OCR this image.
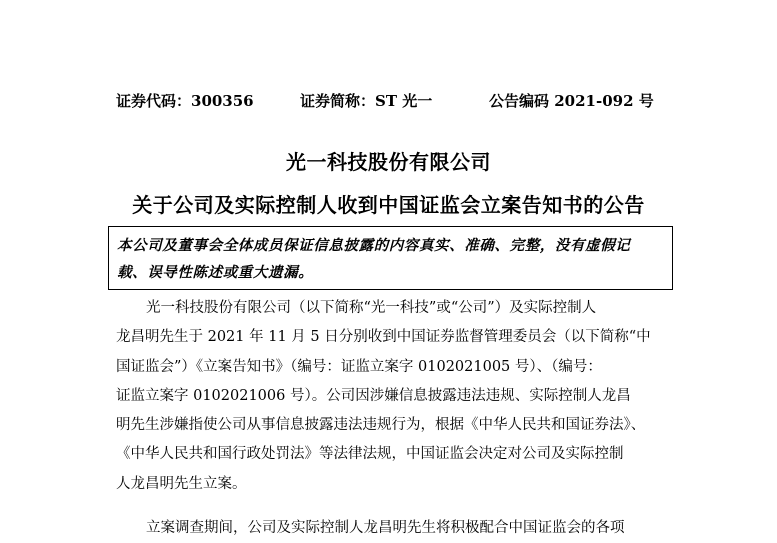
证券代码：300356	证券简称：ST 光一	公告编码 2021-092 号
光一科技股份有限公司
关于公司及实际控制人收到中国证监会立案告知书的公告
本公司及董事会全体成员保证信息披露的内容真实、准确、完整，没有虚假记
载、误导性陈述或重大遗漏。
光一科技股份有限公司（以下简称“光一科技”或“公司”）及实际控制人
龙昌明先生于 2021 年 11 月 5 日分别收到中国证券监督管理委员会（以下简称“中
国证监会”）《立案告知书》（编号：证监立案字 0102021005 号）、（编号：
证监立案字 0102021006 号）。公司因涉嫌信息披露违法违规、实际控制人龙昌
明先生涉嫌指使公司从事信息披露违法违规行为，根据《中华人民共和国证券法》、
《中华人民共和国行政处罚法》等法律法规，中国证监会决定对公司及实际控制
人龙昌明先生立案。
立案调查期间，公司及实际控制人龙昌明先生将积极配合中国证监会的各项
